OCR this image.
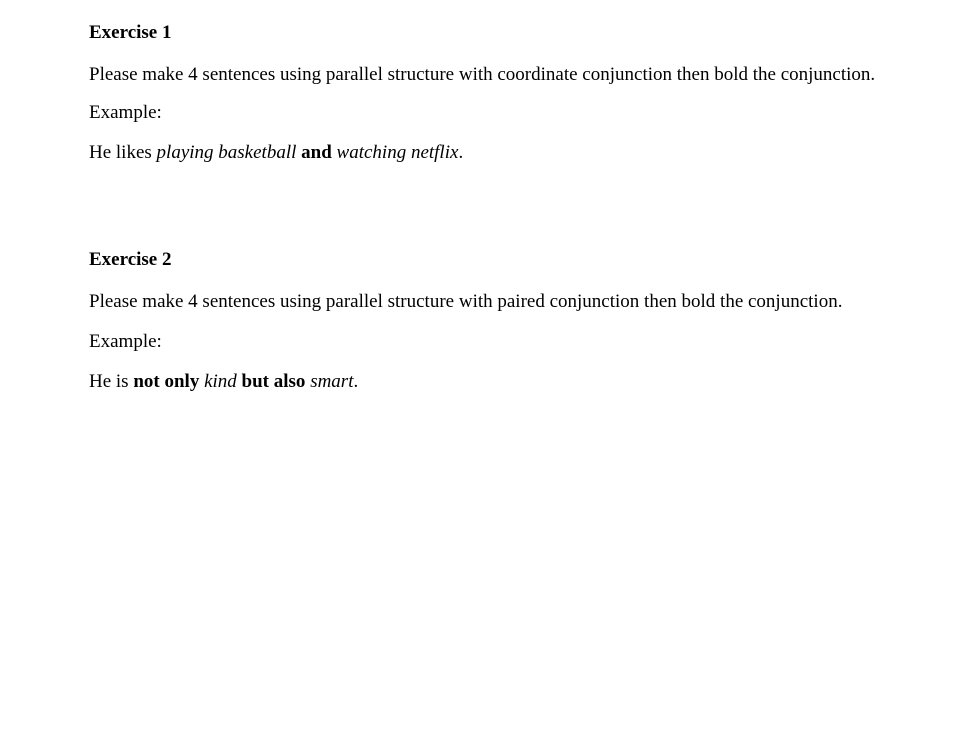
Exercise 1

Please make 4 sentences using parallel structure with coordinate conjunction then bold the conjunction.

Example:

He likes playing basketball and watching netflix.

Exercise 2

Please make 4 sentences using parallel structure with paired conjunction then bold the conjunction.

Example:

He is not only kind but also smart.
